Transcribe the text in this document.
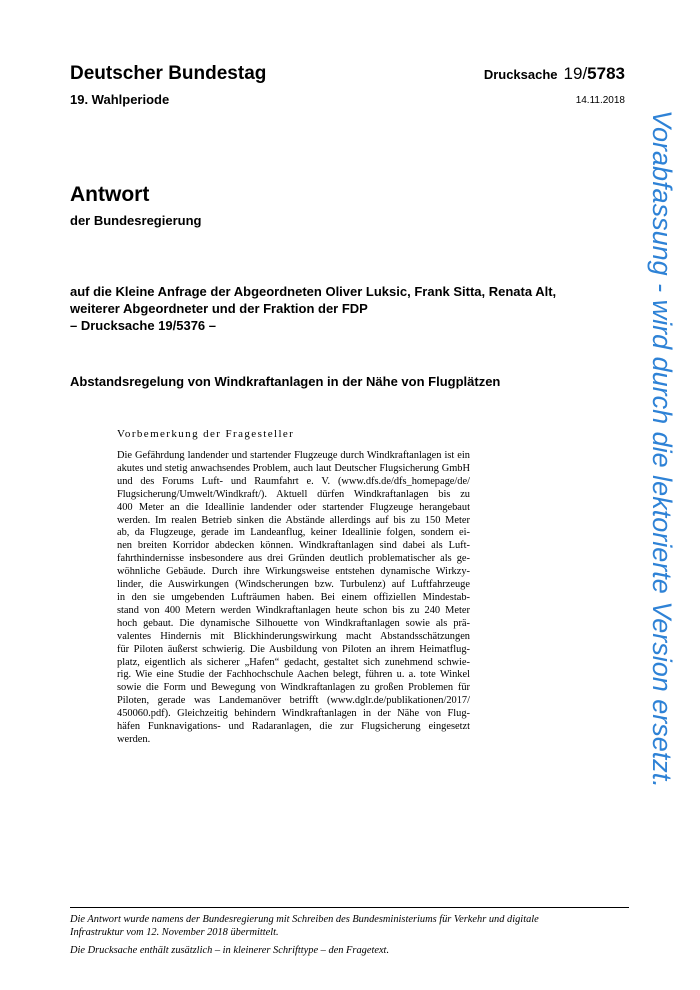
Deutscher Bundestag
19. Wahlperiode
Drucksache 19/5783
14.11.2018
Antwort
der Bundesregierung
auf die Kleine Anfrage der Abgeordneten Oliver Luksic, Frank Sitta, Renata Alt,
weiterer Abgeordneter und der Fraktion der FDP
– Drucksache 19/5376 –
Abstandsregelung von Windkraftanlagen in der Nähe von Flugplätzen
Vorbemerkung der Fragesteller
Die Gefährdung landender und startender Flugzeuge durch Windkraftanlagen ist ein
akutes und stetig anwachsendes Problem, auch laut Deutscher Flugsicherung GmbH
und des Forums Luft- und Raumfahrt e. V. (www.dfs.de/dfs_homepage/de/
Flugsicherung/Umwelt/Windkraft/). Aktuell dürfen Windkraftanlagen bis zu
400 Meter an die Ideallinie landender oder startender Flugzeuge herangebaut
werden. Im realen Betrieb sinken die Abstände allerdings auf bis zu 150 Meter
ab, da Flugzeuge, gerade im Landeanflug, keiner Ideallinie folgen, sondern ei-
nen breiten Korridor abdecken können. Windkraftanlagen sind dabei als Luft-
fahrthindernisse insbesondere aus drei Gründen deutlich problematischer als ge-
wöhnliche Gebäude. Durch ihre Wirkungsweise entstehen dynamische Wirkzy-
linder, die Auswirkungen (Windscherungen bzw. Turbulenz) auf Luftfahrzeuge
in den sie umgebenden Lufträumen haben. Bei einem offiziellen Mindestab-
stand von 400 Metern werden Windkraftanlagen heute schon bis zu 240 Meter
hoch gebaut. Die dynamische Silhouette von Windkraftanlagen sowie als prä-
valentes Hindernis mit Blickhinderungswirkung macht Abstandsschätzungen
für Piloten äußerst schwierig. Die Ausbildung von Piloten an ihrem Heimatflug-
platz, eigentlich als sicherer „Hafen“ gedacht, gestaltet sich zunehmend schwie-
rig. Wie eine Studie der Fachhochschule Aachen belegt, führen u. a. tote Winkel
sowie die Form und Bewegung von Windkraftanlagen zu großen Problemen für
Piloten, gerade was Landemanöver betrifft (www.dglr.de/publikationen/2017/
450060.pdf). Gleichzeitig behindern Windkraftanlagen in der Nähe von Flug-
häfen Funknavigations- und Radaranlagen, die zur Flugsicherung eingesetzt
werden.

Die Antwort wurde namens der Bundesregierung mit Schreiben des Bundesministeriums für Verkehr und digitale
Infrastruktur vom 12. November 2018 übermittelt.

Die Drucksache enthält zusätzlich – in kleinerer Schrifttype – den Fragetext.

Vorabfassung - wird durch die lektorierte Version ersetzt.
